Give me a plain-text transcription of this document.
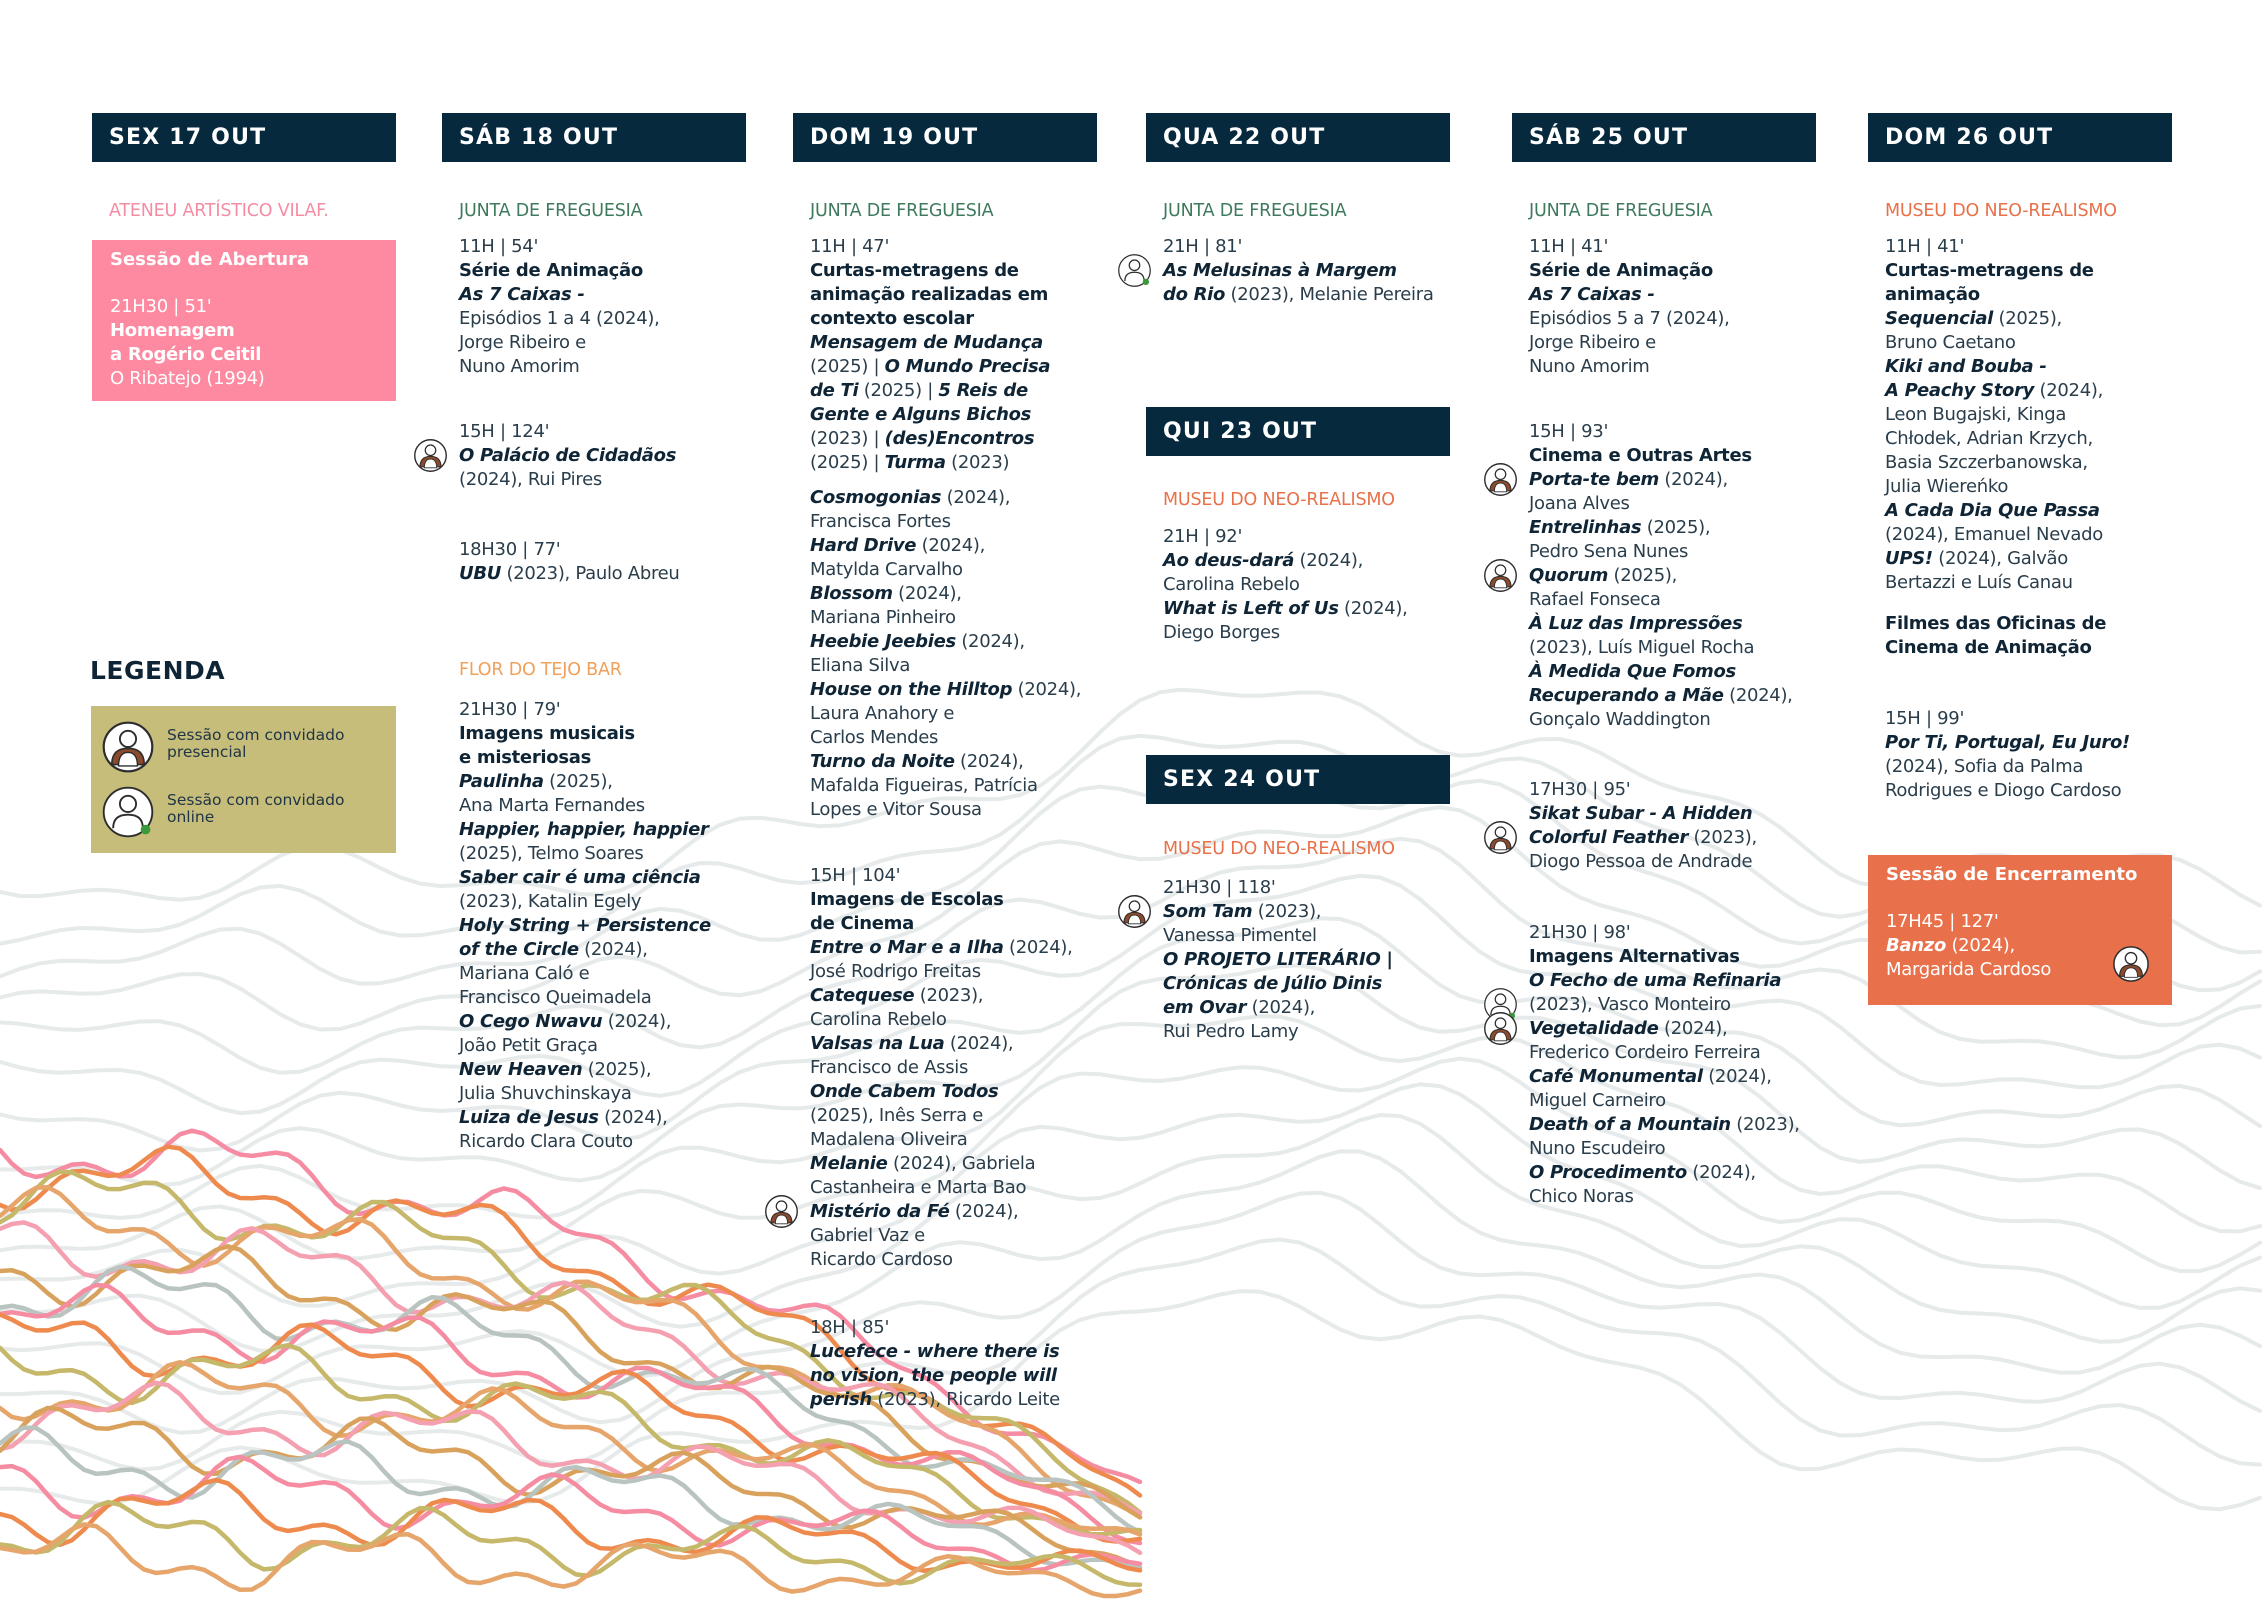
SEX 17 OUT
ATENEU ARTÍSTICO VILAF.
Sessão de Abertura
21H30 | 51'
Homenagem
a Rogério Ceitil
O Ribatejo (1994)
SÁB 18 OUT
JUNTA DE FREGUESIA
11H | 54'
Série de Animação
As 7 Caixas -
Episódios 1 a 4 (2024),
Jorge Ribeiro e
Nuno Amorim
15H | 124'
O Palácio de Cidadãos
(2024), Rui Pires
18H30 | 77'
UBU (2023), Paulo Abreu
FLOR DO TEJO BAR
21H30 | 79'
Imagens musicais
e misteriosas
Paulinha (2025),
Ana Marta Fernandes
Happier, happier, happier
(2025), Telmo Soares
Saber cair é uma ciência
(2023), Katalin Egely
Holy String + Persistence
of the Circle (2024),
Mariana Caló e
Francisco Queimadela
O Cego Nwavu (2024),
João Petit Graça
New Heaven (2025),
Julia Shuvchinskaya
Luiza de Jesus (2024),
Ricardo Clara Couto
DOM 19 OUT
JUNTA DE FREGUESIA
11H | 47'
Curtas-metragens de
animação realizadas em
contexto escolar
Mensagem de Mudança
(2025) | O Mundo Precisa
de Ti (2025) | 5 Reis de
Gente e Alguns Bichos
(2023) | (des)Encontros
(2025) | Turma (2023)
Cosmogonias (2024),
Francisca Fortes
Hard Drive (2024),
Matylda Carvalho
Blossom (2024),
Mariana Pinheiro
Heebie Jeebies (2024),
Eliana Silva
House on the Hilltop (2024),
Laura Anahory e
Carlos Mendes
Turno da Noite (2024),
Mafalda Figueiras, Patrícia
Lopes e Vitor Sousa
15H | 104'
Imagens de Escolas
de Cinema
Entre o Mar e a Ilha (2024),
José Rodrigo Freitas
Catequese (2023),
Carolina Rebelo
Valsas na Lua (2024),
Francisco de Assis
Onde Cabem Todos
(2025), Inês Serra e
Madalena Oliveira
Melanie (2024), Gabriela
Castanheira e Marta Bao
Mistério da Fé (2024),
Gabriel Vaz e
Ricardo Cardoso
18H | 85'
Lucefece - where there is
no vision, the people will
perish (2023), Ricardo Leite
QUA 22 OUT
JUNTA DE FREGUESIA
21H | 81'
As Melusinas à Margem
do Rio (2023), Melanie Pereira
QUI 23 OUT
MUSEU DO NEO-REALISMO
21H | 92'
Ao deus-dará (2024),
Carolina Rebelo
What is Left of Us (2024),
Diego Borges
SEX 24 OUT
MUSEU DO NEO-REALISMO
21H30 | 118'
Som Tam (2023),
Vanessa Pimentel
O PROJETO LITERÁRIO |
Crónicas de Júlio Dinis
em Ovar (2024),
Rui Pedro Lamy
SÁB 25 OUT
JUNTA DE FREGUESIA
11H | 41'
Série de Animação
As 7 Caixas -
Episódios 5 a 7 (2024),
Jorge Ribeiro e
Nuno Amorim
15H | 93'
Cinema e Outras Artes
Porta-te bem (2024),
Joana Alves
Entrelinhas (2025),
Pedro Sena Nunes
Quorum (2025),
Rafael Fonseca
À Luz das Impressões
(2023), Luís Miguel Rocha
À Medida Que Fomos
Recuperando a Mãe (2024),
Gonçalo Waddington
17H30 | 95'
Sikat Subar - A Hidden
Colorful Feather (2023),
Diogo Pessoa de Andrade
21H30 | 98'
Imagens Alternativas
O Fecho de uma Refinaria
(2023), Vasco Monteiro
Vegetalidade (2024),
Frederico Cordeiro Ferreira
Café Monumental (2024),
Miguel Carneiro
Death of a Mountain (2023),
Nuno Escudeiro
O Procedimento (2024),
Chico Noras
DOM 26 OUT
MUSEU DO NEO-REALISMO
11H | 41'
Curtas-metragens de
animação
Sequencial (2025),
Bruno Caetano
Kiki and Bouba -
A Peachy Story (2024),
Leon Bugajski, Kinga
Chłodek, Adrian Krzych,
Basia Szczerbanowska,
Julia Wiereńko
A Cada Dia Que Passa
(2024), Emanuel Nevado
UPS! (2024), Galvão
Bertazzi e Luís Canau
Filmes das Oficinas de
Cinema de Animação
15H | 99'
Por Ti, Portugal, Eu Juro!
(2024), Sofia da Palma
Rodrigues e Diogo Cardoso
Sessão de Encerramento
17H45 | 127'
Banzo (2024),
Margarida Cardoso
LEGENDA
Sessão com convidado presencial
Sessão com convidado online
